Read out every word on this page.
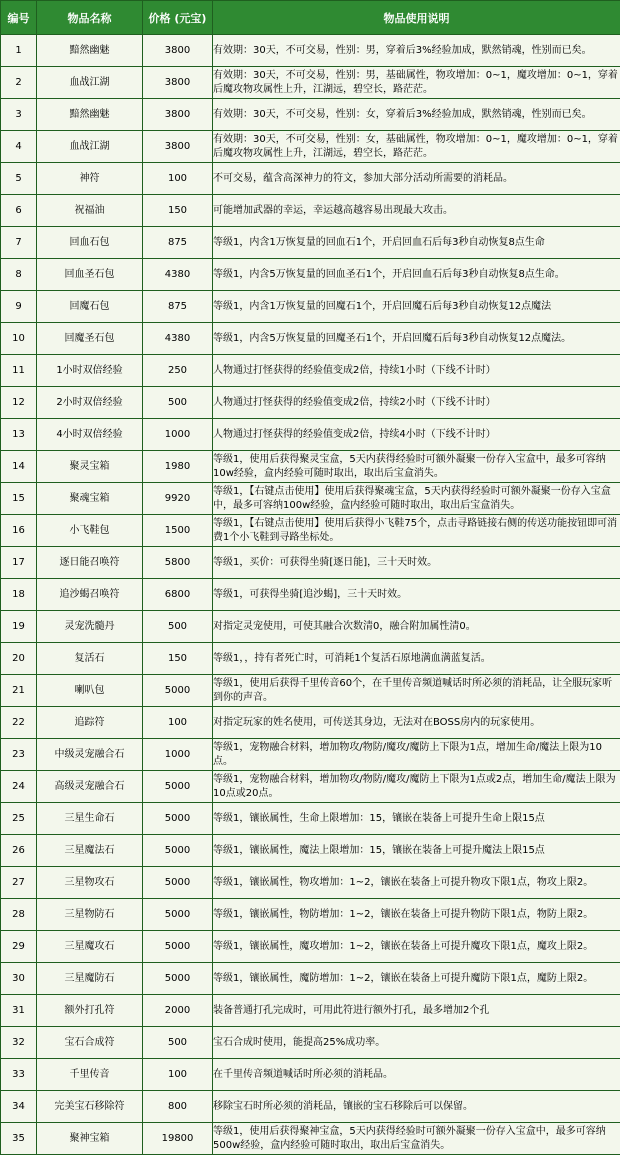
编号	物品名称	价格 (元宝)	物品使用说明
1	黯然幽魅	3800	有效期：30天，不可交易，性别：男，穿着后3%经验加成，默然销魂，性别而已矣。
2	血战江湖	3800	有效期：30天，不可交易，性别：男，基础属性，物攻增加：0~1，魔攻增加：0~1，穿着后魔攻物攻属性上升，江湖远，碧空长，路茫茫。
3	黯然幽魅	3800	有效期：30天，不可交易，性别：女，穿着后3%经验加成，默然销魂，性别而已矣。
4	血战江湖	3800	有效期：30天，不可交易，性别：女，基础属性，物攻增加：0~1，魔攻增加：0~1，穿着后魔攻物攻属性上升，江湖远，碧空长，路茫茫。
5	神符	100	不可交易，蕴含高深神力的符文，参加大部分活动所需要的消耗品。
6	祝福油	150	可能增加武器的幸运，幸运越高越容易出现最大攻击。
7	回血石包	875	等级1，内含1万恢复量的回血石1个，开启回血石后每3秒自动恢复8点生命
8	回血圣石包	4380	等级1，内含5万恢复量的回血圣石1个，开启回血石后每3秒自动恢复8点生命。
9	回魔石包	875	等级1，内含1万恢复量的回魔石1个，开启回魔石后每3秒自动恢复12点魔法
10	回魔圣石包	4380	等级1，内含5万恢复量的回魔圣石1个，开启回魔石后每3秒自动恢复12点魔法。
11	1小时双倍经验	250	人物通过打怪获得的经验值变成2倍，持续1小时（下线不计时）
12	2小时双倍经验	500	人物通过打怪获得的经验值变成2倍，持续2小时（下线不计时）
13	4小时双倍经验	1000	人物通过打怪获得的经验值变成2倍，持续4小时（下线不计时）
14	聚灵宝箱	1980	等级1，使用后获得聚灵宝盒，5天内获得经验时可额外凝聚一份存入宝盒中，最多可容纳10w经验，盒内经验可随时取出，取出后宝盒消失。
15	聚魂宝箱	9920	等级1，【右键点击使用】使用后获得聚魂宝盒，5天内获得经验时可额外凝聚一份存入宝盒中，最多可容纳100w经验，盒内经验可随时取出，取出后宝盒消失。
16	小飞鞋包	1500	等级1，【右键点击使用】使用后获得小飞鞋75个，点击寻路链接右侧的传送功能按钮即可消费1个小飞鞋到寻路坐标处。
17	逐日能召唤符	5800	等级1，买价：可获得坐骑[逐日能]，三十天时效。
18	追沙蝎召唤符	6800	等级1，可获得坐骑[追沙蝎]，三十天时效。
19	灵宠洗髓丹	500	对指定灵宠使用，可使其融合次数清0，融合附加属性清0。
20	复活石	150	等级1，，持有者死亡时，可消耗1个复活石原地满血满蓝复活。
21	喇叭包	5000	等级1，使用后获得千里传音60个，在千里传音频道喊话时所必须的消耗品，让全服玩家听到你的声音。
22	追踪符	100	对指定玩家的姓名使用，可传送其身边，无法对在BOSS房内的玩家使用。
23	中级灵宠融合石	1000	等级1，宠物融合材料，增加物攻/物防/魔攻/魔防上下限为1点，增加生命/魔法上限为10点。
24	高级灵宠融合石	5000	等级1，宠物融合材料，增加物攻/物防/魔攻/魔防上下限为1点或2点，增加生命/魔法上限为10点或20点。
25	三星生命石	5000	等级1，镶嵌属性，生命上限增加：15，镶嵌在装备上可提升生命上限15点
26	三星魔法石	5000	等级1，镶嵌属性，魔法上限增加：15，镶嵌在装备上可提升魔法上限15点
27	三星物攻石	5000	等级1，镶嵌属性，物攻增加：1~2，镶嵌在装备上可提升物攻下限1点，物攻上限2。
28	三星物防石	5000	等级1，镶嵌属性，物防增加：1~2，镶嵌在装备上可提升物防下限1点，物防上限2。
29	三星魔攻石	5000	等级1，镶嵌属性，魔攻增加：1~2，镶嵌在装备上可提升魔攻下限1点，魔攻上限2。
30	三星魔防石	5000	等级1，镶嵌属性，魔防增加：1~2，镶嵌在装备上可提升魔防下限1点，魔防上限2。
31	额外打孔符	2000	装备普通打孔完成时，可用此符进行额外打孔，最多增加2个孔
32	宝石合成符	500	宝石合成时使用，能提高25%成功率。
33	千里传音	100	在千里传音频道喊话时所必须的消耗品。
34	完美宝石移除符	800	移除宝石时所必须的消耗品，镶嵌的宝石移除后可以保留。
35	聚神宝箱	19800	等级1，使用后获得聚神宝盒，5天内获得经验时可额外凝聚一份存入宝盒中，最多可容纳500w经验，盒内经验可随时取出，取出后宝盒消失。
